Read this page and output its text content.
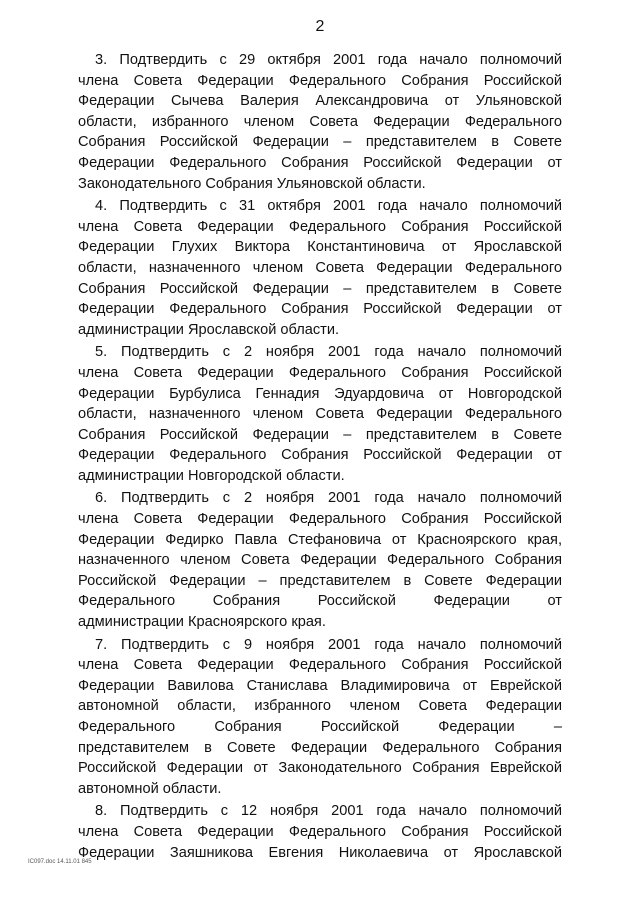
2
3. Подтвердить с 29 октября 2001 года начало полномочий
члена Совета Федерации Федерального Собрания Российской
Федерации Сычева Валерия Александровича от Ульяновской
области, избранного членом Совета Федерации Федерального
Собрания Российской Федерации – представителем в Совете
Федерации Федерального Собрания Российской Федерации от
Законодательного Собрания Ульяновской области.
4. Подтвердить с 31 октября 2001 года начало полномочий
члена Совета Федерации Федерального Собрания Российской
Федерации Глухих Виктора Константиновича от Ярославской
области, назначенного членом Совета Федерации Федерального
Собрания Российской Федерации – представителем в Совете
Федерации Федерального Собрания Российской Федерации от
администрации Ярославской области.
5. Подтвердить с 2 ноября 2001 года начало полномочий
члена Совета Федерации Федерального Собрания Российской
Федерации Бурбулиса Геннадия Эдуардовича от Новгородской
области, назначенного членом Совета Федерации Федерального
Собрания Российской Федерации – представителем в Совете
Федерации Федерального Собрания Российской Федерации от
администрации Новгородской области.
6. Подтвердить с 2 ноября 2001 года начало полномочий
члена Совета Федерации Федерального Собрания Российской
Федерации Федирко Павла Стефановича от Красноярского края,
назначенного членом Совета Федерации Федерального Собрания
Российской Федерации – представителем в Совете Федерации
Федерального Собрания Российской Федерации от
администрации Красноярского края.
7. Подтвердить с 9 ноября 2001 года начало полномочий
члена Совета Федерации Федерального Собрания Российской
Федерации Вавилова Станислава Владимировича от Еврейской
автономной области, избранного членом Совета Федерации
Федерального Собрания Российской Федерации –
представителем в Совете Федерации Федерального Собрания
Российской Федерации от Законодательного Собрания Еврейской
автономной области.
8. Подтвердить с 12 ноября 2001 года начало полномочий
члена Совета Федерации Федерального Собрания Российской
Федерации Заяшникова Евгения Николаевича от Ярославской
IC097.doc 14.11.01 845
